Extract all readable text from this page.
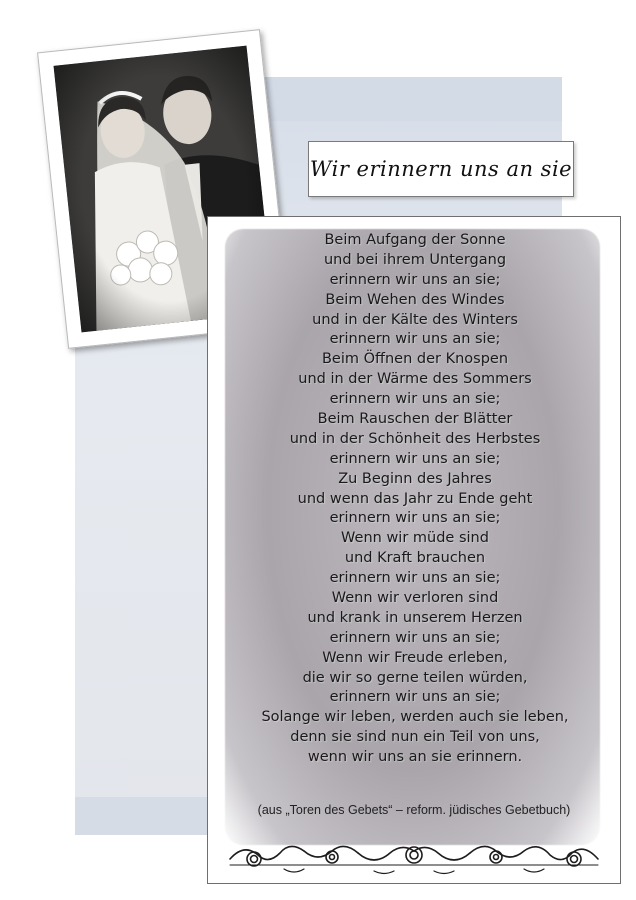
Wir erinnern uns an sie
Beim Aufgang der Sonne
und bei ihrem Untergang
erinnern wir uns an sie;
Beim Wehen des Windes
und in der Kälte des Winters
erinnern wir uns an sie;
Beim Öffnen der Knospen
und in der Wärme des Sommers
erinnern wir uns an sie;
Beim Rauschen der Blätter
und in der Schönheit des Herbstes
erinnern wir uns an sie;
Zu Beginn des Jahres
und wenn das Jahr zu Ende geht
erinnern wir uns an sie;
Wenn wir müde sind
und Kraft brauchen
erinnern wir uns an sie;
Wenn wir verloren sind
und krank in unserem Herzen
erinnern wir uns an sie;
Wenn wir Freude erleben,
die wir so gerne teilen würden,
erinnern wir uns an sie;
Solange wir leben, werden auch sie leben,
denn sie sind nun ein Teil von uns,
wenn wir uns an sie erinnern.
(aus „Toren des Gebets“ – reform. jüdisches Gebetbuch)
